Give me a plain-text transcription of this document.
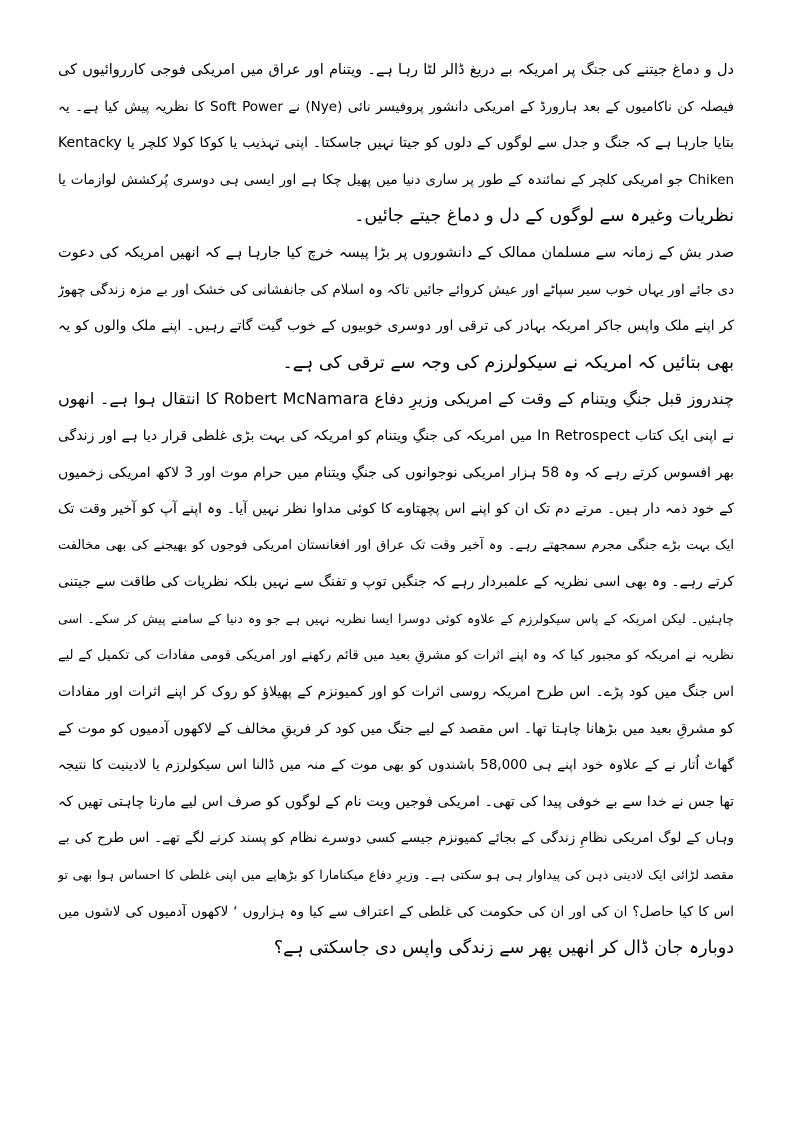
دل و دماغ جیتنے کی جنگ پر امریکہ بے دریغ ڈالر لٹا رہا ہے۔ ویتنام اور عراق میں امریکی فوجی کارروائیوں کی
فیصلہ کن ناکامیوں کے بعد ہارورڈ کے امریکی دانشور پروفیسر نائی (Nye) نے Soft Power کا نظریہ پیش کیا ہے۔ یہ
بتایا جارہا ہے کہ جنگ و جدل سے لوگوں کے دلوں کو جیتا نہیں جاسکتا۔ اپنی تہذیب یا کوکا کولا کلچر یا Kentacky
Chiken جو امریکی کلچر کے نمائندہ کے طور پر ساری دنیا میں پھیل چکا ہے اور ایسی ہی دوسری پُرکشش لوازمات یا
نظریات وغیرہ سے لوگوں کے دل و دماغ جیتے جائیں۔
صدر بش کے زمانہ سے مسلمان ممالک کے دانشوروں پر بڑا پیسہ خرچ کیا جارہا ہے کہ انھیں امریکہ کی دعوت
دی جائے اور یہاں خوب سیر سپاٹے اور عیش کروائے جائیں تاکہ وہ اسلام کی جانفشانی کی خشک اور بے مزہ زندگی چھوڑ
کر اپنے ملک واپس جاکر امریکہ بہادر کی ترقی اور دوسری خوبیوں کے خوب گیت گاتے رہیں۔ اپنے ملک والوں کو یہ
بھی بتائیں کہ امریکہ نے سیکولرزم کی وجہ سے ترقی کی ہے۔
چندروز قبل جنگِ ویتنام کے وقت کے امریکی وزیرِ دفاع Robert McNamara کا انتقال ہوا ہے۔ انھوں
نے اپنی ایک کتاب In Retrospect میں امریکہ کی جنگِ ویتنام کو امریکہ کی بہت بڑی غلطی قرار دیا ہے اور زندگی
بھر افسوس کرتے رہے کہ وہ 58 ہزار امریکی نوجوانوں کی جنگِ ویتنام میں حرام موت اور 3 لاکھ امریکی زخمیوں
کے خود ذمہ دار ہیں۔ مرتے دم تک ان کو اپنے اس پچھتاوے کا کوئی مداوا نظر نہیں آیا۔ وہ اپنے آپ کو آخیر وقت تک
ایک بہت بڑے جنگی مجرم سمجھتے رہے۔ وہ آخیر وقت تک عراق اور افغانستان امریکی فوجوں کو بھیجنے کی بھی مخالفت
کرتے رہے۔ وہ بھی اسی نظریہ کے علمبردار رہے کہ جنگیں توپ و تفنگ سے نہیں بلکہ نظریات کی طاقت سے جیتنی
چاہئیں۔ لیکن امریکہ کے پاس سیکولرزم کے علاوہ کوئی دوسرا ایسا نظریہ نہیں ہے جو وہ دنیا کے سامنے پیش کر سکے۔ اسی
نظریہ نے امریکہ کو مجبور کیا کہ وہ اپنے اثرات کو مشرقِ بعید میں قائم رکھنے اور امریکی قومی مفادات کی تکمیل کے لیے
اس جنگ میں کود پڑے۔ اس طرح امریکہ روسی اثرات کو اور کمیونزم کے پھیلاؤ کو روک کر اپنے اثرات اور مفادات
کو مشرقِ بعید میں بڑھانا چاہتا تھا۔ اس مقصد کے لیے جنگ میں کود کر فریقِ مخالف کے لاکھوں آدمیوں کو موت کے
گھاٹ اُتار نے کے علاوہ خود اپنے ہی 58,000 باشندوں کو بھی موت کے منہ میں ڈالنا اس سیکولرزم یا لادینیت کا نتیجہ
تھا جس نے خدا سے بے خوفی پیدا کی تھی۔ امریکی فوجیں ویت نام کے لوگوں کو صرف اس لیے مارنا چاہتی تھیں کہ
وہاں کے لوگ امریکی نظامِ زندگی کے بجائے کمیونزم جیسے کسی دوسرے نظام کو پسند کرنے لگے تھے۔ اس طرح کی بے
مقصد لڑائی ایک لادینی ذہن کی پیداوار ہی ہو سکتی ہے۔ وزیرِ دفاع میکنامارا کو بڑھاپے میں اپنی غلطی کا احساس ہوا بھی تو
اس کا کیا حاصل؟ ان کی اور ان کی حکومت کی غلطی کے اعتراف سے کیا وہ ہزاروں ‘ لاکھوں آدمیوں کی لاشوں میں
دوبارہ جان ڈال کر انھیں پھر سے زندگی واپس دی جاسکتی ہے؟
